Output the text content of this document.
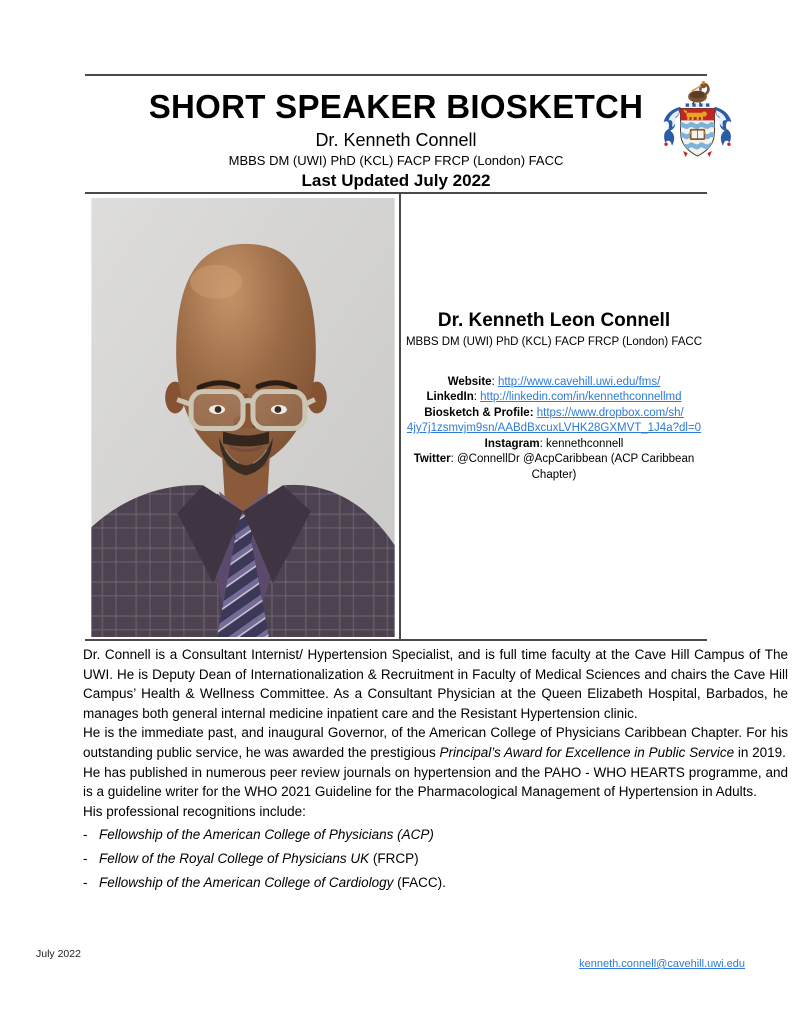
SHORT SPEAKER BIOSKETCH
Dr. Kenneth Connell
MBBS DM (UWI) PhD (KCL) FACP FRCP (London) FACC
Last Updated July 2022
Dr. Kenneth Leon Connell
MBBS DM (UWI) PhD (KCL) FACP FRCP (London) FACC
Website: http://www.cavehill.uwi.edu/fms/
LinkedIn: http://linkedin.com/in/kennethconnellmd
Biosketch & Profile: https://www.dropbox.com/sh/
4jy7j1zsmvjm9sn/AABdBxcuxLVHK28GXMVT_1J4a?dl=0
Instagram: kennethconnell
Twitter: @ConnellDr @AcpCaribbean (ACP Caribbean Chapter)

Dr. Connell is a Consultant Internist/ Hypertension Specialist, and is full time faculty at the Cave Hill Campus of The UWI. He is Deputy Dean of Internationalization & Recruitment in Faculty of Medical Sciences and chairs the Cave Hill Campus’ Health & Wellness Committee. As a Consultant Physician at the Queen Elizabeth Hospital, Barbados, he manages both general internal medicine inpatient care and the Resistant Hypertension clinic.

He is the immediate past, and inaugural Governor, of the American College of Physicians Caribbean Chapter. For his outstanding public service, he was awarded the prestigious Principal’s Award for Excellence in Public Service in 2019.

He has published in numerous peer review journals on hypertension and the PAHO - WHO HEARTS programme, and is a guideline writer for the WHO 2021 Guideline for the Pharmacological Management of Hypertension in Adults.

His professional recognitions include:

- Fellowship of the American College of Physicians (ACP)
- Fellow of the Royal College of Physicians UK (FRCP)
- Fellowship of the American College of Cardiology (FACC).
July 2022
kenneth.connell@cavehill.uwi.edu
